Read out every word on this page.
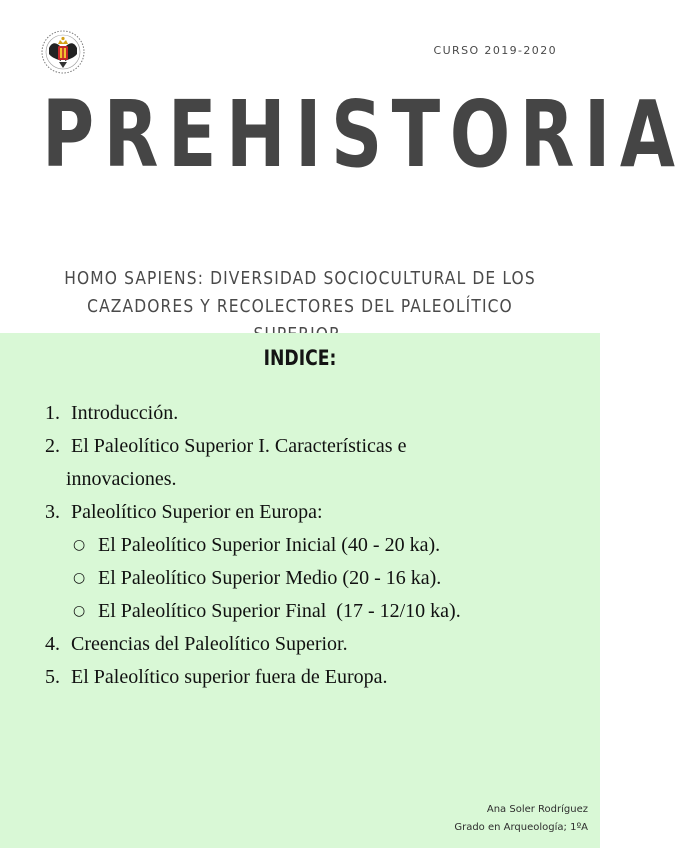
CURSO 2019-2020
PREHISTORIA
HOMO SAPIENS: DIVERSIDAD SOCIOCULTURAL DE LOS
CAZADORES Y RECOLECTORES DEL PALEOLÍTICO
INDICE:
1. Introducción.
2. El Paleolítico Superior I. Características e
innovaciones.
3. Paleolítico Superior en Europa:
○ El Paleolítico Superior Inicial (40 - 20 ka).
○ El Paleolítico Superior Medio (20 - 16 ka).
○ El Paleolítico Superior Final  (17 - 12/10 ka).
4. Creencias del Paleolítico Superior.
5. El Paleolítico superior fuera de Europa.
Ana Soler Rodríguez
Grado en Arqueología; 1ºA
